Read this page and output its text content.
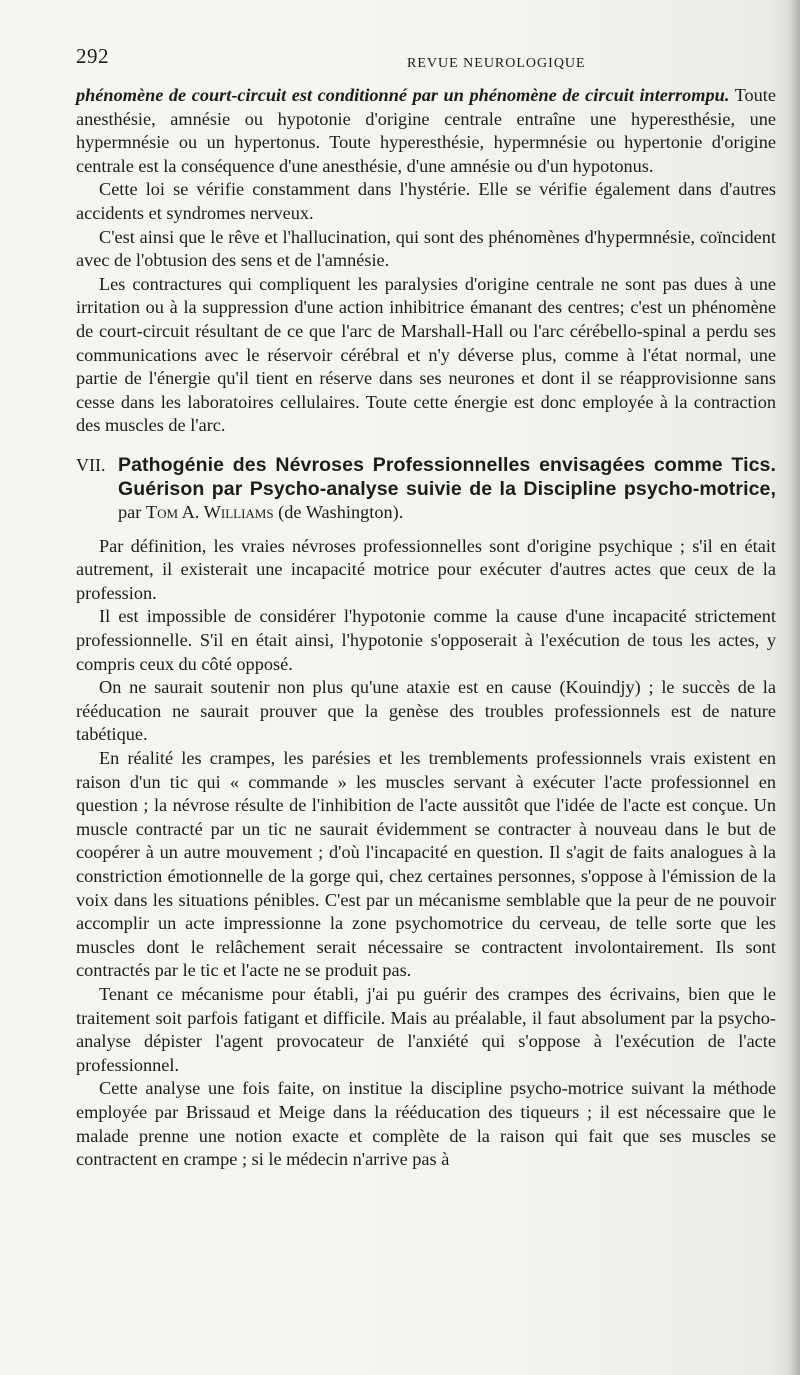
292	REVUE NEUROLOGIQUE

phénomène de court-circuit est conditionné par un phénomène de circuit interrompu. Toute anesthésie, amnésie ou hypotonie d'origine centrale entraîne une hyperesthésie, une hypermnésie ou un hypertonus. Toute hyperesthésie, hypermnésie ou hypertonie d'origine centrale est la conséquence d'une anesthésie, d'une amnésie ou d'un hypotonus.

Cette loi se vérifie constamment dans l'hystérie. Elle se vérifie également dans d'autres accidents et syndromes nerveux.

C'est ainsi que le rêve et l'hallucination, qui sont des phénomènes d'hypermnésie, coïncident avec de l'obtusion des sens et de l'amnésie.

Les contractures qui compliquent les paralysies d'origine centrale ne sont pas dues à une irritation ou à la suppression d'une action inhibitrice émanant des centres; c'est un phénomène de court-circuit résultant de ce que l'arc de Marshall-Hall ou l'arc cérébello-spinal a perdu ses communications avec le réservoir cérébral et n'y déverse plus, comme à l'état normal, une partie de l'énergie qu'il tient en réserve dans ses neurones et dont il se réapprovisionne sans cesse dans les laboratoires cellulaires. Toute cette énergie est donc employée à la contraction des muscles de l'arc.

VII. Pathogénie des Névroses Professionnelles envisagées comme Tics. Guérison par Psycho-analyse suivie de la Discipline psycho-motrice, par Tom A. Williams (de Washington).

Par définition, les vraies névroses professionnelles sont d'origine psychique ; s'il en était autrement, il existerait une incapacité motrice pour exécuter d'autres actes que ceux de la profession.

Il est impossible de considérer l'hypotonie comme la cause d'une incapacité strictement professionnelle. S'il en était ainsi, l'hypotonie s'opposerait à l'exécution de tous les actes, y compris ceux du côté opposé.

On ne saurait soutenir non plus qu'une ataxie est en cause (Kouindjy) ; le succès de la rééducation ne saurait prouver que la genèse des troubles professionnels est de nature tabétique.

En réalité les crampes, les parésies et les tremblements professionnels vrais existent en raison d'un tic qui « commande » les muscles servant à exécuter l'acte professionnel en question ; la névrose résulte de l'inhibition de l'acte aussitôt que l'idée de l'acte est conçue. Un muscle contracté par un tic ne saurait évidemment se contracter à nouveau dans le but de coopérer à un autre mouvement ; d'où l'incapacité en question. Il s'agit de faits analogues à la constriction émotionnelle de la gorge qui, chez certaines personnes, s'oppose à l'émission de la voix dans les situations pénibles. C'est par un mécanisme semblable que la peur de ne pouvoir accomplir un acte impressionne la zone psychomotrice du cerveau, de telle sorte que les muscles dont le relâchement serait nécessaire se contractent involontairement. Ils sont contractés par le tic et l'acte ne se produit pas.

Tenant ce mécanisme pour établi, j'ai pu guérir des crampes des écrivains, bien que le traitement soit parfois fatigant et difficile. Mais au préalable, il faut absolument par la psycho-analyse dépister l'agent provocateur de l'anxiété qui s'oppose à l'exécution de l'acte professionnel.

Cette analyse une fois faite, on institue la discipline psycho-motrice suivant la méthode employée par Brissaud et Meige dans la rééducation des tiqueurs ; il est nécessaire que le malade prenne une notion exacte et complète de la raison qui fait que ses muscles se contractent en crampe ; si le médecin n'arrive pas à
